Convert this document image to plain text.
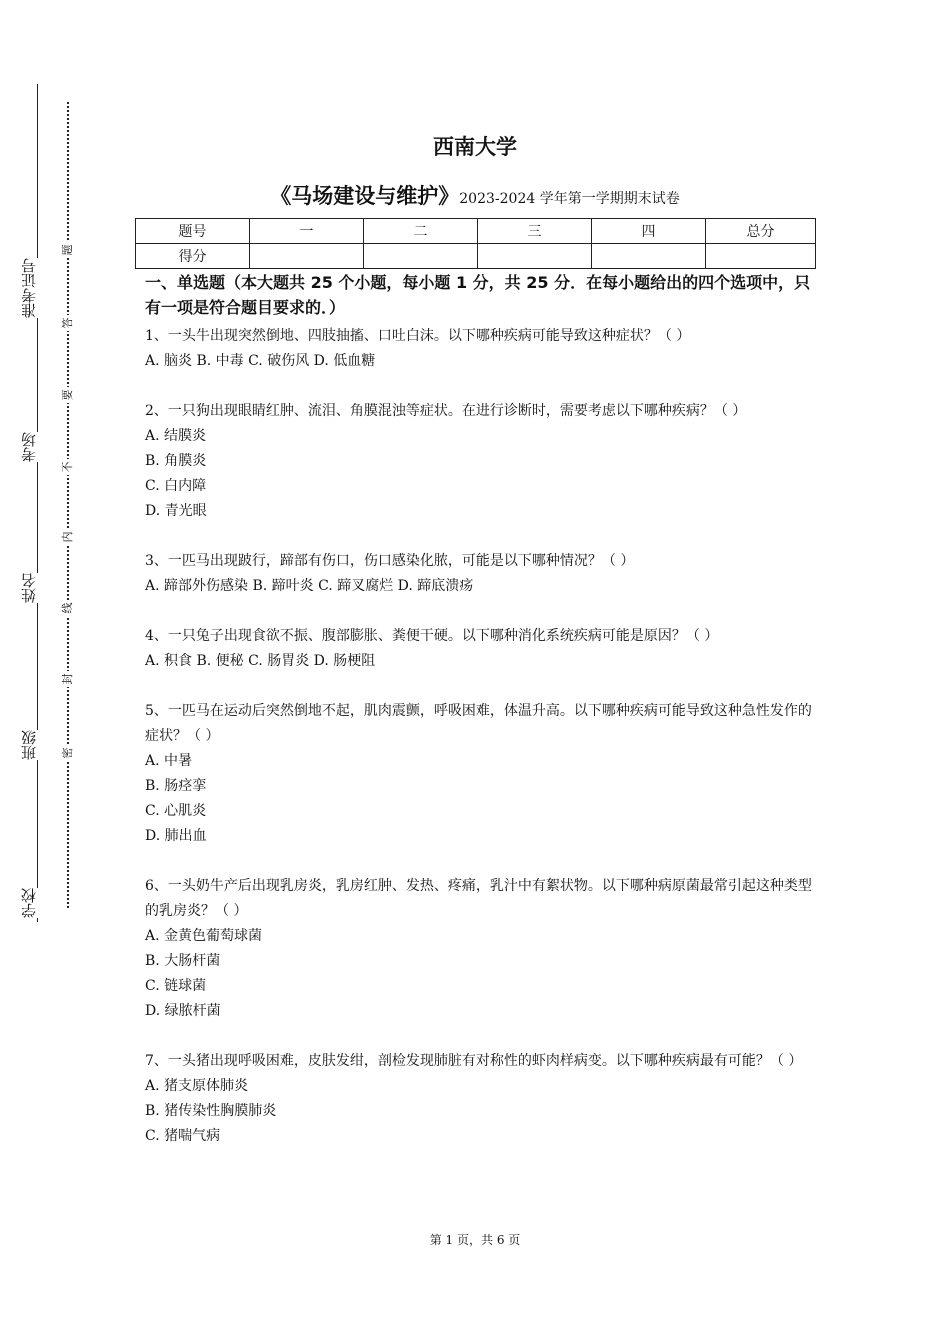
准考证号
考场
姓名
班级
学校
题
答
要
不
内
线
封
密
西南大学
《马场建设与维护》2023-2024 学年第一学期期末试卷
题号	一	二	三	四	总分
得分					
一、单选题（本大题共 25 个小题，每小题 1 分，共 25 分．在每小题给出的四个选项中，只有一项是符合题目要求的．）

1、一头牛出现突然倒地、四肢抽搐、口吐白沫。以下哪种疾病可能导致这种症状？（ ）

A. 脑炎 B. 中毒 C. 破伤风 D. 低血糖

2、一只狗出现眼睛红肿、流泪、角膜混浊等症状。在进行诊断时，需要考虑以下哪种疾病？（ ）

A. 结膜炎

B. 角膜炎

C. 白内障

D. 青光眼

3、一匹马出现跛行，蹄部有伤口，伤口感染化脓，可能是以下哪种情况？（ ）

A. 蹄部外伤感染 B. 蹄叶炎 C. 蹄叉腐烂 D. 蹄底溃疡

4、一只兔子出现食欲不振、腹部膨胀、粪便干硬。以下哪种消化系统疾病可能是原因？（ ）

A. 积食 B. 便秘 C. 肠胃炎 D. 肠梗阻

5、一匹马在运动后突然倒地不起，肌肉震颤，呼吸困难，体温升高。以下哪种疾病可能导致这种急性发作的症状？（ ）

A. 中暑

B. 肠痉挛

C. 心肌炎

D. 肺出血

6、一头奶牛产后出现乳房炎，乳房红肿、发热、疼痛，乳汁中有絮状物。以下哪种病原菌最常引起这种类型的乳房炎？（ ）

A. 金黄色葡萄球菌

B. 大肠杆菌

C. 链球菌

D. 绿脓杆菌

7、一头猪出现呼吸困难，皮肤发绀，剖检发现肺脏有对称性的虾肉样病变。以下哪种疾病最有可能？（ ）

A. 猪支原体肺炎

B. 猪传染性胸膜肺炎

C. 猪喘气病

第 1 页，共 6 页
